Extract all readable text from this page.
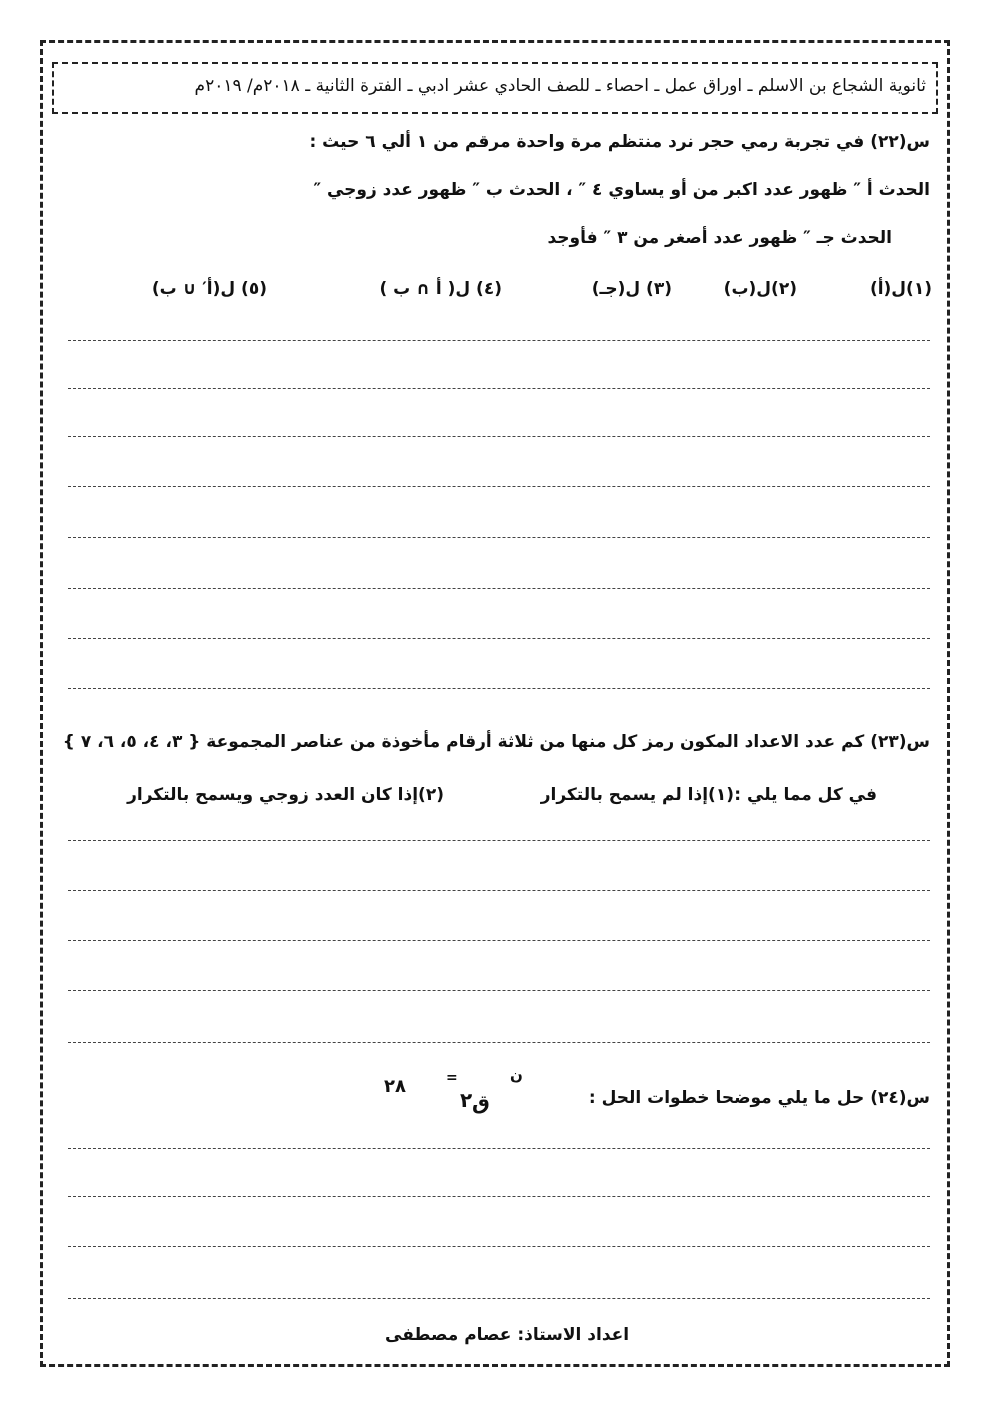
ثانوية الشجاع بن الاسلم ـ اوراق عمل ـ احصاء ـ للصف الحادي عشر ادبي ـ الفترة الثانية ـ ٢٠١٨م/ ٢٠١٩م
س(٢٢) في تجربة رمي حجر نرد منتظم مرة واحدة مرقم من ١ ألي ٦ حيث :
الحدث أ ″ ظهور عدد اكبر من أو يساوي ٤ ″ ، الحدث ب ″ ظهور عدد زوجي ″
الحدث جـ ″ ظهور عدد أصغر من ٣ ″ فأوجد
(١)ل(أ)
(٢)ل(ب)
(٣) ل(جـ)
(٤) ل( أ ∩ ب )
(٥) ل(أ′ ∪ ب)
س(٢٣) كم عدد الاعداد المكون رمز كل منها من ثلاثة أرقام مأخوذة من عناصر المجموعة { ٣، ٤، ٥، ٦، ٧ }
في كل مما يلي :
(١)إذا لم يسمح بالتكرار
(٢)إذا كان العدد زوجي ويسمح بالتكرار
س(٢٤) حل ما يلي موضحا خطوات الحل :
٢٨	=
٢ ق
ن
اعداد الاستاذ: عصام مصطفى
